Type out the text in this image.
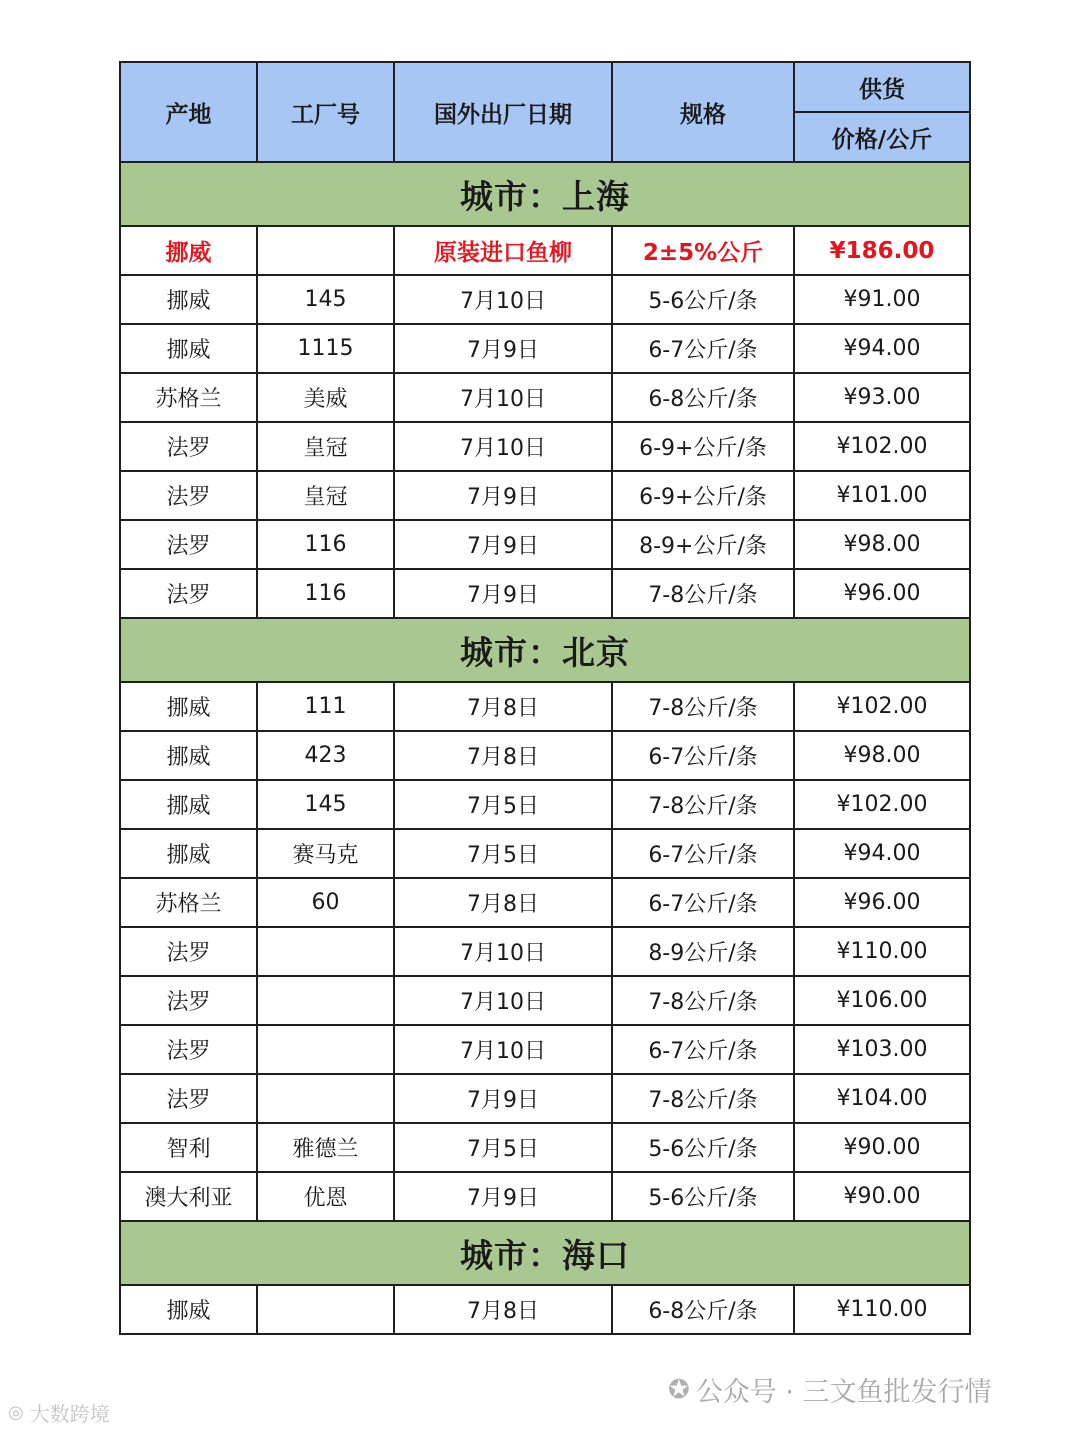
产地	工厂号	国外出厂日期	规格	供货
				价格/公斤
城市：上海				
挪威		原装进口鱼柳	2±5%公斤	¥186.00
挪威	145	7月10日	5-6公斤/条	¥91.00
挪威	1115	7月9日	6-7公斤/条	¥94.00
苏格兰	美威	7月10日	6-8公斤/条	¥93.00
法罗	皇冠	7月10日	6-9+公斤/条	¥102.00
法罗	皇冠	7月9日	6-9+公斤/条	¥101.00
法罗	116	7月9日	8-9+公斤/条	¥98.00
法罗	116	7月9日	7-8公斤/条	¥96.00
城市：北京				
挪威	111	7月8日	7-8公斤/条	¥102.00
挪威	423	7月8日	6-7公斤/条	¥98.00
挪威	145	7月5日	7-8公斤/条	¥102.00
挪威	赛马克	7月5日	6-7公斤/条	¥94.00
苏格兰	60	7月8日	6-7公斤/条	¥96.00
法罗		7月10日	8-9公斤/条	¥110.00
法罗		7月10日	7-8公斤/条	¥106.00
法罗		7月10日	6-7公斤/条	¥103.00
法罗		7月9日	7-8公斤/条	¥104.00
智利	雅德兰	7月5日	5-6公斤/条	¥90.00
澳大利亚	优恩	7月9日	5-6公斤/条	¥90.00
城市：海口				
挪威		7月8日	6-8公斤/条	¥110.00
◎ 大数跨境
✪ 公众号 · 三文鱼批发行情
